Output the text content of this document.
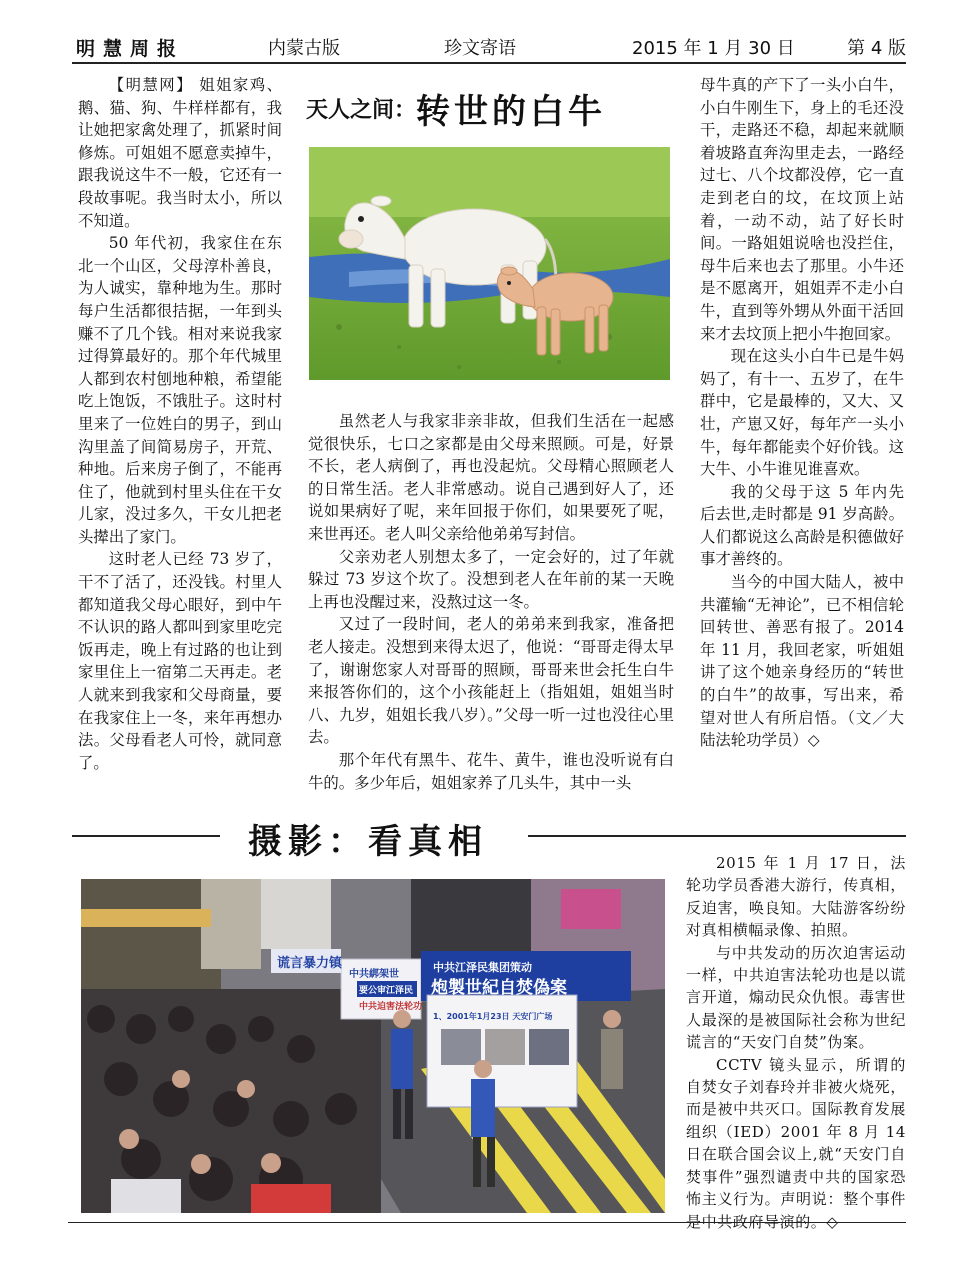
明慧周报	内蒙古版	珍文寄语	2015 年 1 月 30 日	第 4 版

【明慧网】 姐姐家鸡、鹅、猫、狗、牛样样都有，我让她把家禽处理了，抓紧时间修炼。可姐姐不愿意卖掉牛，跟我说这牛不一般，它还有一段故事呢。我当时太小，所以不知道。

50 年代初，我家住在东北一个山区，父母淳朴善良，为人诚实，靠种地为生。那时每户生活都很拮据，一年到头赚不了几个钱。相对来说我家过得算最好的。那个年代城里人都到农村刨地种粮，希望能吃上饱饭，不饿肚子。这时村里来了一位姓白的男子，到山沟里盖了间简易房子，开荒、种地。后来房子倒了，不能再住了，他就到村里头住在干女儿家，没过多久，干女儿把老头撵出了家门。

这时老人已经 73 岁了，干不了活了，还没钱。村里人都知道我父母心眼好，到中午不认识的路人都叫到家里吃完饭再走，晚上有过路的也让到家里住上一宿第二天再走。老人就来到我家和父母商量，要在我家住上一冬，来年再想办法。父母看老人可怜，就同意了。

天人之间：转世的白牛

虽然老人与我家非亲非故，但我们生活在一起感觉很快乐，七口之家都是由父母来照顾。可是，好景不长，老人病倒了，再也没起炕。父母精心照顾老人的日常生活。老人非常感动。说自己遇到好人了，还说如果病好了呢，来年回报于你们，如果要死了呢，来世再还。老人叫父亲给他弟弟写封信。

父亲劝老人别想太多了，一定会好的，过了年就躲过 73 岁这个坎了。没想到老人在年前的某一天晚上再也没醒过来，没熬过这一冬。

又过了一段时间，老人的弟弟来到我家，准备把老人接走。没想到来得太迟了，他说：“哥哥走得太早了，谢谢您家人对哥哥的照顾，哥哥来世会托生白牛来报答你们的，这个小孩能赶上（指姐姐，姐姐当时八、九岁，姐姐长我八岁）。”父母一听一过也没往心里去。

那个年代有黑牛、花牛、黄牛，谁也没听说有白牛的。多少年后，姐姐家养了几头牛，其中一头

母牛真的产下了一头小白牛，小白牛刚生下，身上的毛还没干，走路还不稳，却起来就顺着坡路直奔沟里走去，一路经过七、八个坟都没停，它一直走到老白的坟，在坟顶上站着，一动不动，站了好长时间。一路姐姐说啥也没拦住，母牛后来也去了那里。小牛还是不愿离开，姐姐弄不走小白牛，直到等外甥从外面干活回来才去坟顶上把小牛抱回家。

现在这头小白牛已是牛妈妈了，有十一、五岁了，在牛群中，它是最棒的，又大、又壮，产崽又好，每年产一头小牛，每年都能卖个好价钱。这大牛、小牛谁见谁喜欢。

我的父母于这 5 年内先后去世,走时都是 91 岁高龄。人们都说这么高龄是积德做好事才善终的。

当今的中国大陆人，被中共灌输“无神论”，已不相信轮回转世、善恶有报了。2014 年 11 月，我回老家，听姐姐讲了这个她亲身经历的“转世的白牛”的故事，写出来，希望对世人有所启悟。（文／大陆法轮功学员）◇

摄影：看真相
谎言暴力镇	中共江泽民集团策动
炮製世紀自焚偽案
中共綁架世
1、2001年1月23日 天安门广场
要公审江泽民
中共迫害法轮功

2015 年 1 月 17 日，法轮功学员香港大游行，传真相，反迫害，唤良知。大陆游客纷纷对真相横幅录像、拍照。

与中共发动的历次迫害运动一样，中共迫害法轮功也是以谎言开道，煽动民众仇恨。毒害世人最深的是被国际社会称为世纪谎言的“天安门自焚”伪案。

CCTV 镜头显示，所谓的自焚女子刘春玲并非被火烧死，而是被中共灭口。国际教育发展组织（IED）2001 年 8 月 14 日在联合国会议上,就“天安门自焚事件”强烈谴责中共的国家恐怖主义行为。声明说：整个事件是中共政府导演的。◇
